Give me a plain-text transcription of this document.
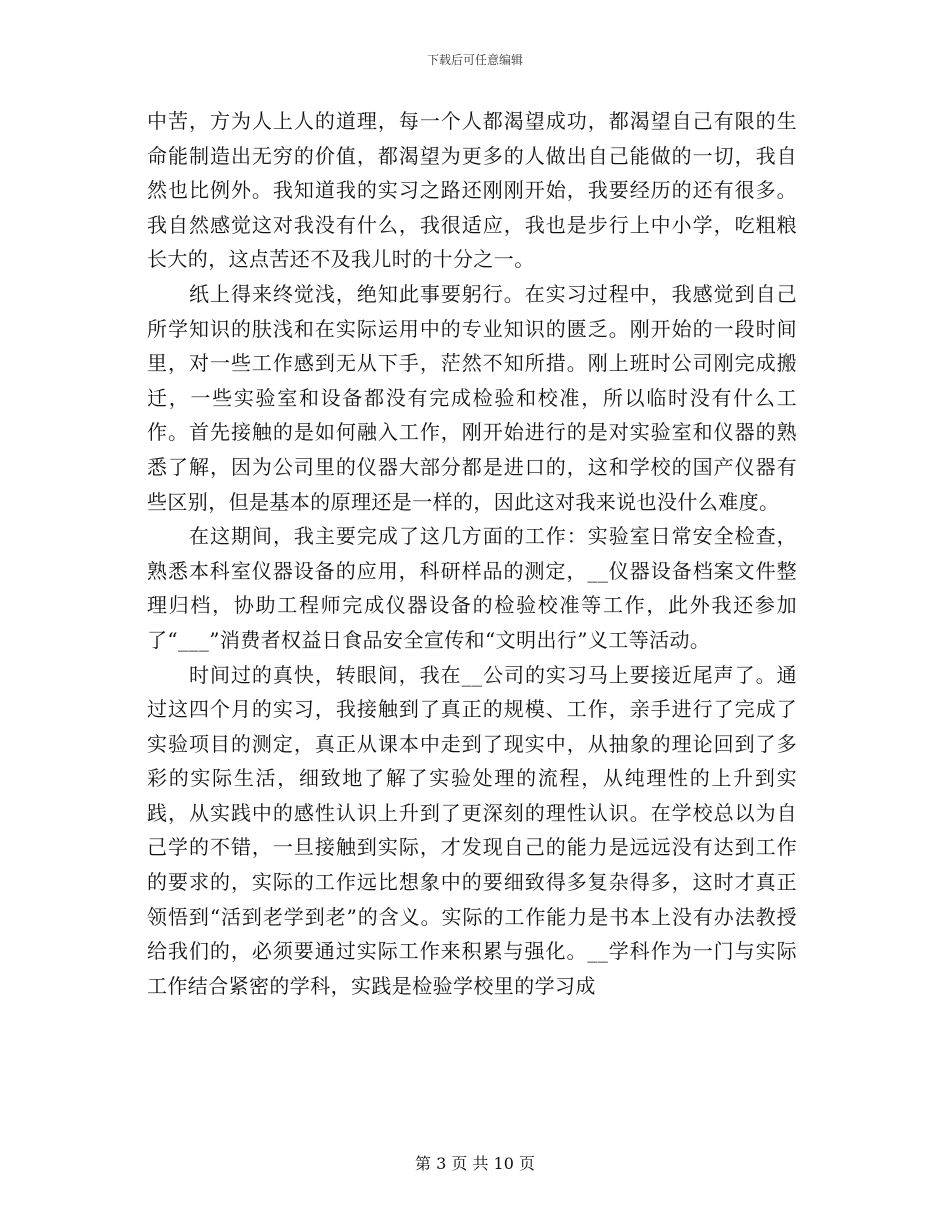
下载后可任意编辑

中苦，方为人上人的道理，每一个人都渴望成功，都渴望自己有限的生命能制造出无穷的价值，都渴望为更多的人做出自己能做的一切，我自然也比例外。我知道我的实习之路还刚刚开始，我要经历的还有很多。我自然感觉这对我没有什么，我很适应，我也是步行上中小学，吃粗粮长大的，这点苦还不及我儿时的十分之一。

纸上得来终觉浅，绝知此事要躬行。在实习过程中，我感觉到自己所学知识的肤浅和在实际运用中的专业知识的匮乏。刚开始的一段时间里，对一些工作感到无从下手，茫然不知所措。刚上班时公司刚完成搬迁，一些实验室和设备都没有完成检验和校准，所以临时没有什么工作。首先接触的是如何融入工作，刚开始进行的是对实验室和仪器的熟悉了解，因为公司里的仪器大部分都是进口的，这和学校的国产仪器有些区别，但是基本的原理还是一样的，因此这对我来说也没什么难度。

在这期间，我主要完成了这几方面的工作：实验室日常安全检查，熟悉本科室仪器设备的应用，科研样品的测定，__仪器设备档案文件整理归档，协助工程师完成仪器设备的检验校准等工作，此外我还参加了“___”消费者权益日食品安全宣传和“文明出行”义工等活动。

时间过的真快，转眼间，我在__公司的实习马上要接近尾声了。通过这四个月的实习，我接触到了真正的规模、工作，亲手进行了完成了实验项目的测定，真正从课本中走到了现实中，从抽象的理论回到了多彩的实际生活，细致地了解了实验处理的流程，从纯理性的上升到实践，从实践中的感性认识上升到了更深刻的理性认识。在学校总以为自己学的不错，一旦接触到实际，才发现自己的能力是远远没有达到工作的要求的，实际的工作远比想象中的要细致得多复杂得多，这时才真正领悟到“活到老学到老”的含义。实际的工作能力是书本上没有办法教授给我们的，必须要通过实际工作来积累与强化。__学科作为一门与实际工作结合紧密的学科，实践是检验学校里的学习成

第 3 页 共 10 页
